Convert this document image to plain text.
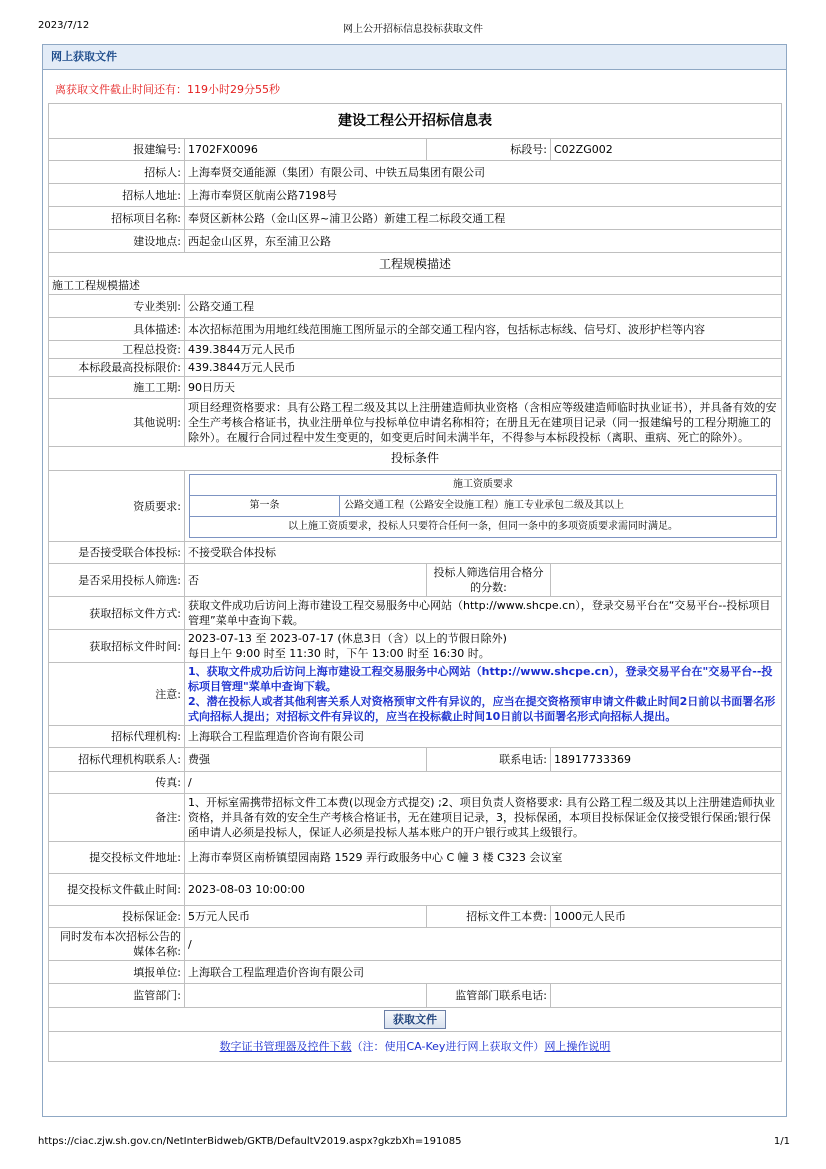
2023/7/12	网上公开招标信息投标获取文件
网上获取文件
离获取文件截止时间还有：119小时29分55秒
建设工程公开招标信息表
报建编号:	1702FX0096	标段号:	C02ZG002
招标人:	上海奉贤交通能源（集团）有限公司、中铁五局集团有限公司
招标人地址:	上海市奉贤区航南公路7198号
招标项目名称:	奉贤区新林公路（金山区界~浦卫公路）新建工程二标段交通工程
建设地点:	西起金山区界，东至浦卫公路
工程规模描述
施工工程规模描述
专业类别:	公路交通工程
具体描述:	本次招标范围为用地红线范围施工图所显示的全部交通工程内容，包括标志标线、信号灯、波形护栏等内容
工程总投资:	439.3844万元人民币
本标段最高投标限价:	439.3844万元人民币
施工工期:	90日历天
其他说明:	项目经理资格要求：具有公路工程二级及其以上注册建造师执业资格（含相应等级建造师临时执业证书），并具备有效的安全生产考核合格证书，执业注册单位与投标单位申请名称相符；在册且无在建项目记录（同一报建编号的工程分期施工的除外）。在履行合同过程中发生变更的，如变更后时间未满半年，不得参与本标段投标（离职、重病、死亡的除外）。
投标条件
资质要求:	
施工资质要求
第一条	公路交通工程（公路安全设施工程）施工专业承包二级及其以上
以上施工资质要求，投标人只要符合任何一条，但同一条中的多项资质要求需同时满足。

是否接受联合体投标:	不接受联合体投标
是否采用投标人筛选:	否	投标人筛选信用合格分的分数:	
获取招标文件方式:	获取文件成功后访问上海市建设工程交易服务中心网站（http://www.shcpe.cn），登录交易平台在“交易平台--投标项目管理”菜单中查询下载。
获取招标文件时间:	
2023-07-13 至 2023-07-17 (休息3日（含）以上的节假日除外)
每日上午 9:00 时至 11:30 时，下午 13:00 时至 16:30 时。

注意:	1、获取文件成功后访问上海市建设工程交易服务中心网站（http://www.shcpe.cn），登录交易平台在"交易平台--投标项目管理"菜单中查询下载。
2、潜在投标人或者其他利害关系人对资格预审文件有异议的，应当在提交资格预审申请文件截止时间2日前以书面署名形式向招标人提出；对招标文件有异议的，应当在投标截止时间10日前以书面署名形式向招标人提出。
招标代理机构:	上海联合工程监理造价咨询有限公司
招标代理机构联系人:	费强	联系电话:	18917733369
传真:	/
备注:	1、开标室需携带招标文件工本费(以现金方式提交) ;2、项目负责人资格要求: 具有公路工程二级及其以上注册建造师执业资格，并具备有效的安全生产考核合格证书，无在建项目记录，3，投标保函，本项目投标保证金仅接受银行保函;银行保函申请人必须是投标人，保证人必须是投标人基本账户的开户银行或其上级银行。
提交投标文件地址:	上海市奉贤区南桥镇望园南路 1529 弄行政服务中心 C 幢 3 楼 C323 会议室
提交投标文件截止时间:	2023-08-03 10:00:00
投标保证金:	5万元人民币	招标文件工本费:	1000元人民币
同时发布本次招标公告的媒体名称:	/
填报单位:	上海联合工程监理造价咨询有限公司
监管部门:		监管部门联系电话:	
获取文件
数字证书管理器及控件下载（注：使用CA-Key进行网上获取文件）网上操作说明
https://ciac.zjw.sh.gov.cn/NetInterBidweb/GKTB/DefaultV2019.aspx?gkzbXh=191085	1/1
